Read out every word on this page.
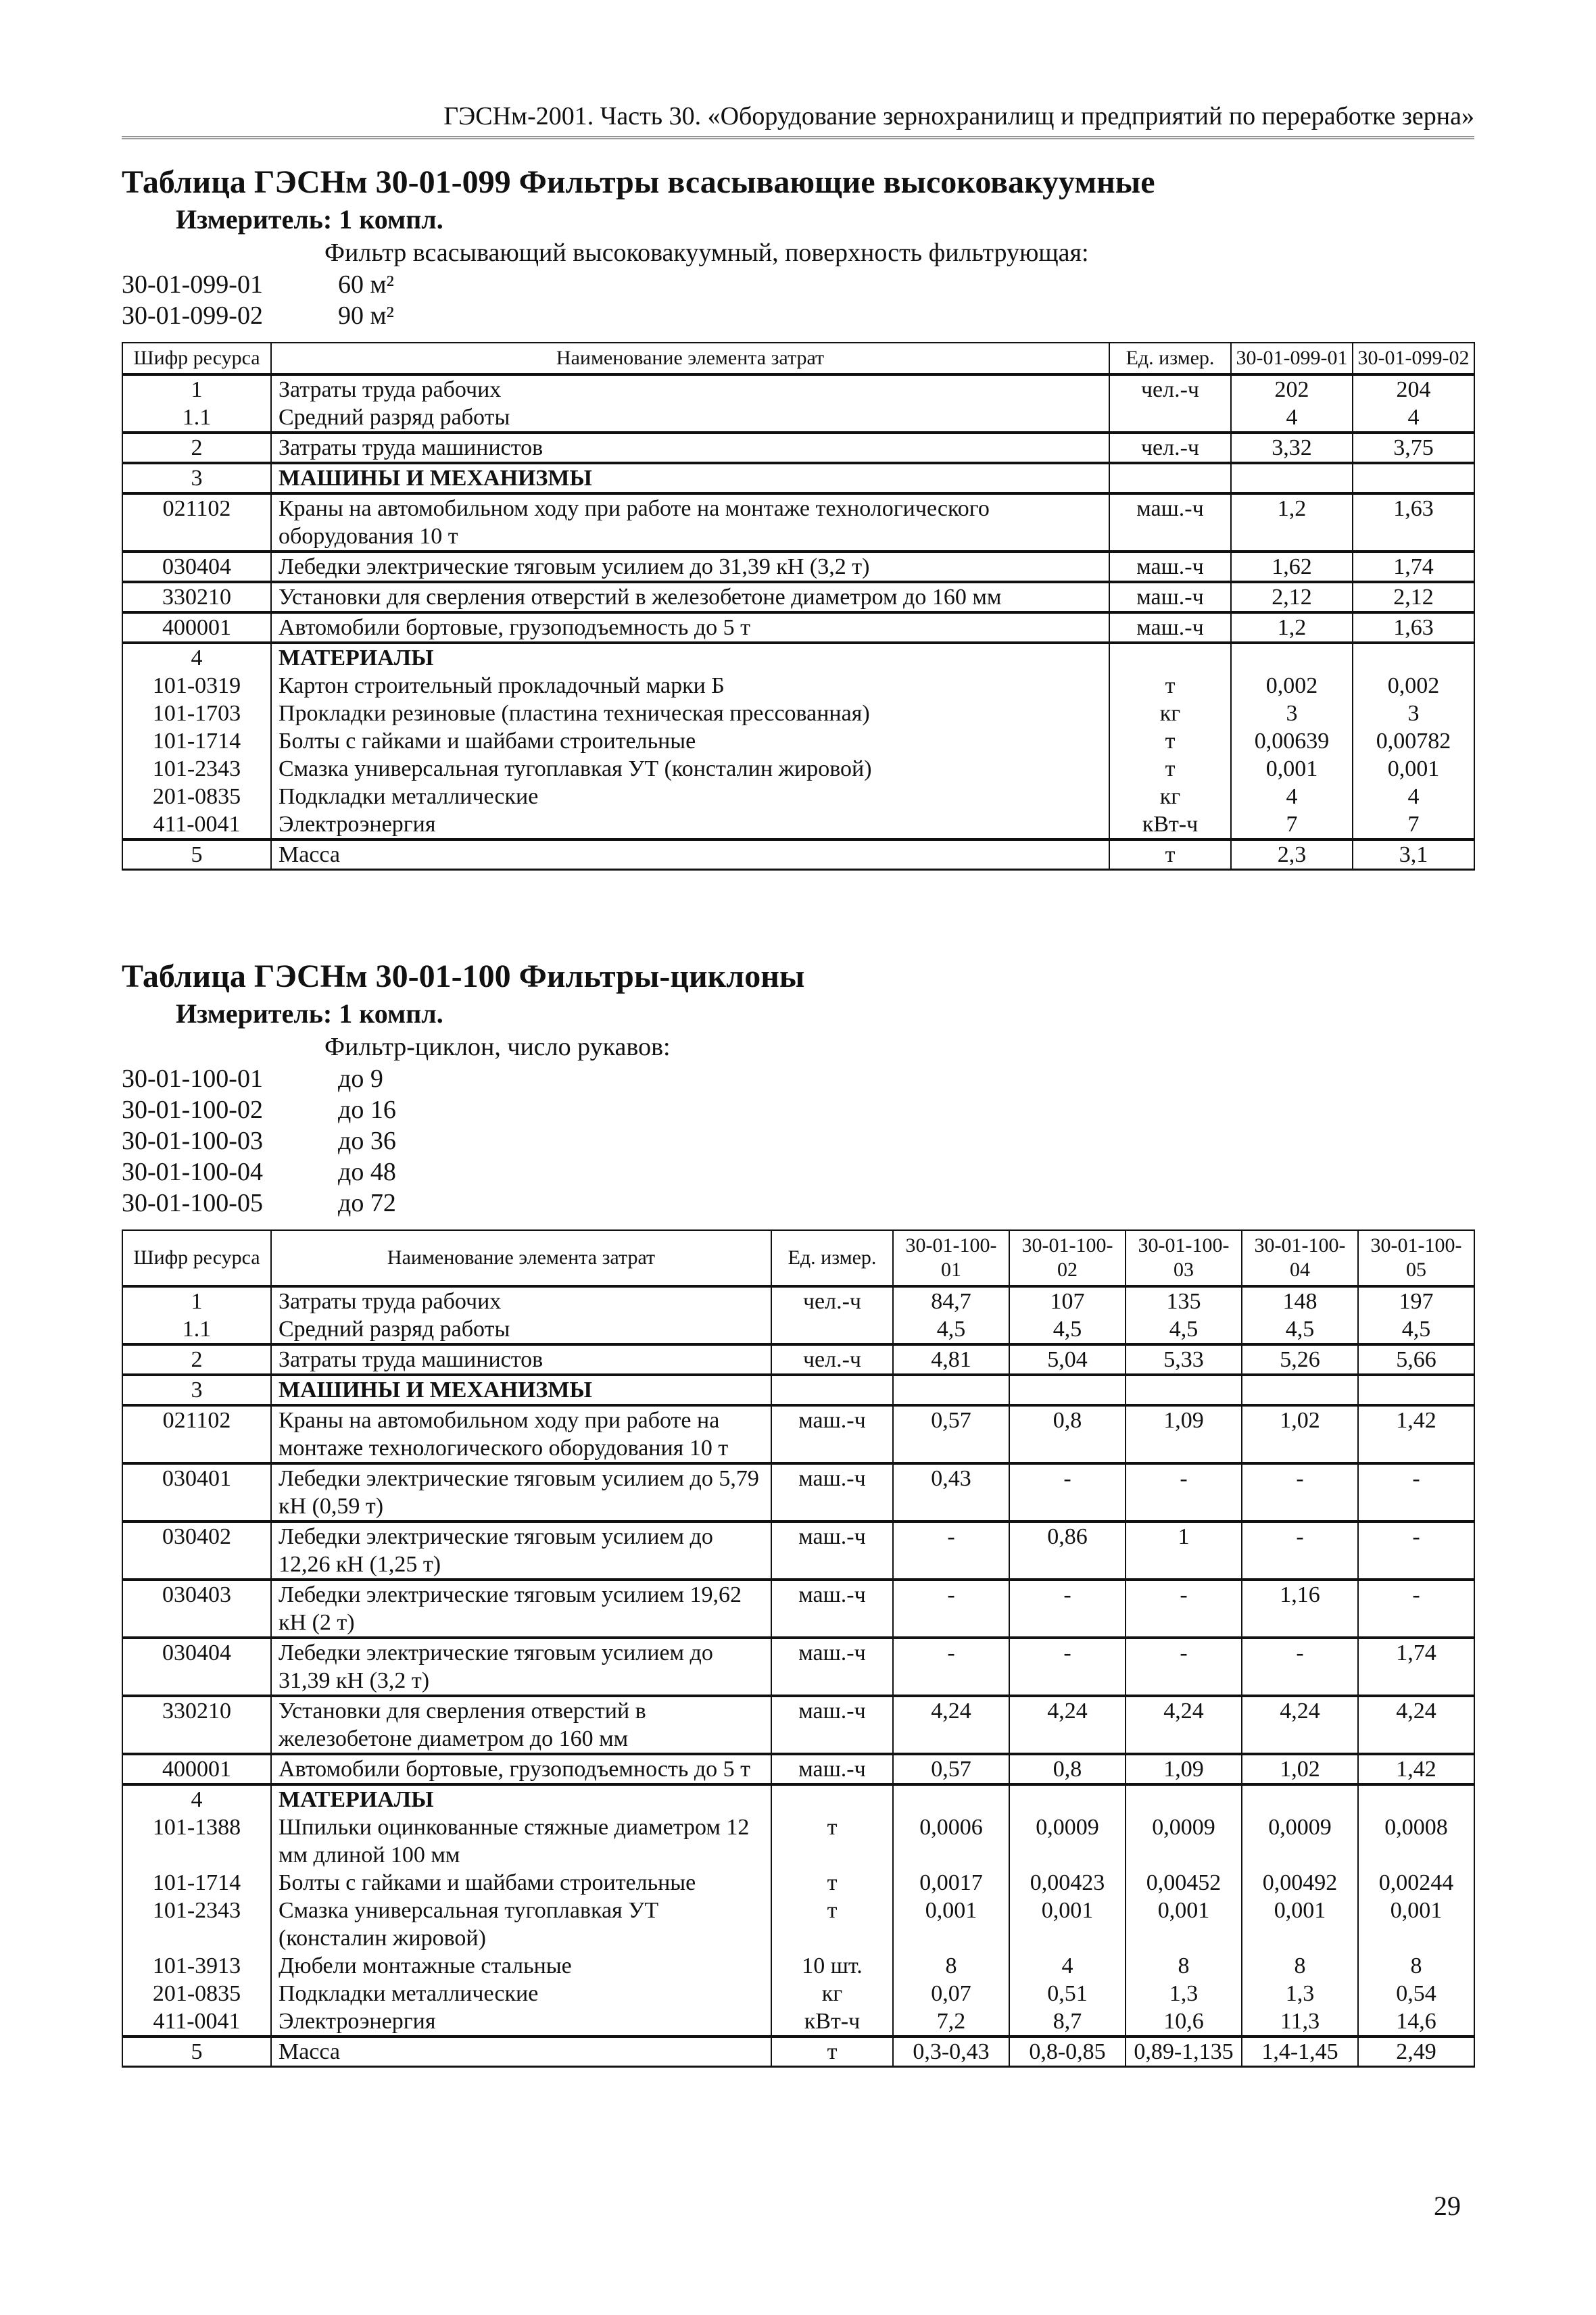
ГЭСНм-2001. Часть 30. «Оборудование зернохранилищ и предприятий по переработке зерна»
Таблица ГЭСНм 30-01-099 Фильтры всасывающие высоковакуумные
Измеритель: 1 компл.
Фильтр всасывающий высоковакуумный, поверхность фильтрующая:
30-01-099-01	60 м²
30-01-099-02	90 м²
Шифр ресурса	Наименование элемента затрат	Ед. измер.	30-01-099-01	30-01-099-02
1	Затраты труда рабочих	чел.-ч	202	204
1.1	Средний разряд работы		4	4
2	Затраты труда машинистов	чел.-ч	3,32	3,75
3	МАШИНЫ И МЕХАНИЗМЫ			
021102	Краны на автомобильном ходу при работе на монтаже технологического оборудования 10 т	маш.-ч	1,2	1,63
030404	Лебедки электрические тяговым усилием до 31,39 кН (3,2 т)	маш.-ч	1,62	1,74
330210	Установки для сверления отверстий в железобетоне диаметром до 160 мм	маш.-ч	2,12	2,12
400001	Автомобили бортовые, грузоподъемность до 5 т	маш.-ч	1,2	1,63
4	МАТЕРИАЛЫ			
101-0319	Картон строительный прокладочный марки Б	т	0,002	0,002
101-1703	Прокладки резиновые (пластина техническая прессованная)	кг	3	3
101-1714	Болты с гайками и шайбами строительные	т	0,00639	0,00782
101-2343	Смазка универсальная тугоплавкая УТ (консталин жировой)	т	0,001	0,001
201-0835	Подкладки металлические	кг	4	4
411-0041	Электроэнергия	кВт-ч	7	7
5	Масса	т	2,3	3,1
Таблица ГЭСНм 30-01-100 Фильтры-циклоны
Измеритель: 1 компл.
Фильтр-циклон, число рукавов:
30-01-100-01	до 9
30-01-100-02	до 16
30-01-100-03	до 36
30-01-100-04	до 48
30-01-100-05	до 72
Шифр ресурса	Наименование элемента затрат	Ед. измер.	30-01-100-01	30-01-100-02	30-01-100-03	30-01-100-04	30-01-100-05
1	Затраты труда рабочих	чел.-ч	84,7	107	135	148	197
1.1	Средний разряд работы		4,5	4,5	4,5	4,5	4,5
2	Затраты труда машинистов	чел.-ч	4,81	5,04	5,33	5,26	5,66
3	МАШИНЫ И МЕХАНИЗМЫ						
021102	Краны на автомобильном ходу при работе на монтаже технологического оборудования 10 т	маш.-ч	0,57	0,8	1,09	1,02	1,42
030401	Лебедки электрические тяговым усилием до 5,79 кН (0,59 т)	маш.-ч	0,43	-	-	-	-
030402	Лебедки электрические тяговым усилием до 12,26 кН (1,25 т)	маш.-ч	-	0,86	1	-	-
030403	Лебедки электрические тяговым усилием 19,62 кН (2 т)	маш.-ч	-	-	-	1,16	-
030404	Лебедки электрические тяговым усилием до 31,39 кН (3,2 т)	маш.-ч	-	-	-	-	1,74
330210	Установки для сверления отверстий в железобетоне диаметром до 160 мм	маш.-ч	4,24	4,24	4,24	4,24	4,24
400001	Автомобили бортовые, грузоподъемность до 5 т	маш.-ч	0,57	0,8	1,09	1,02	1,42
4	МАТЕРИАЛЫ						
101-1388	Шпильки оцинкованные стяжные диаметром 12 мм длиной 100 мм	т	0,0006	0,0009	0,0009	0,0009	0,0008
101-1714	Болты с гайками и шайбами строительные	т	0,0017	0,00423	0,00452	0,00492	0,00244
101-2343	Смазка универсальная тугоплавкая УТ (консталин жировой)	т	0,001	0,001	0,001	0,001	0,001
101-3913	Дюбели монтажные стальные	10 шт.	8	4	8	8	8
201-0835	Подкладки металлические	кг	0,07	0,51	1,3	1,3	0,54
411-0041	Электроэнергия	кВт-ч	7,2	8,7	10,6	11,3	14,6
5	Масса	т	0,3-0,43	0,8-0,85	0,89-1,135	1,4-1,45	2,49
29
